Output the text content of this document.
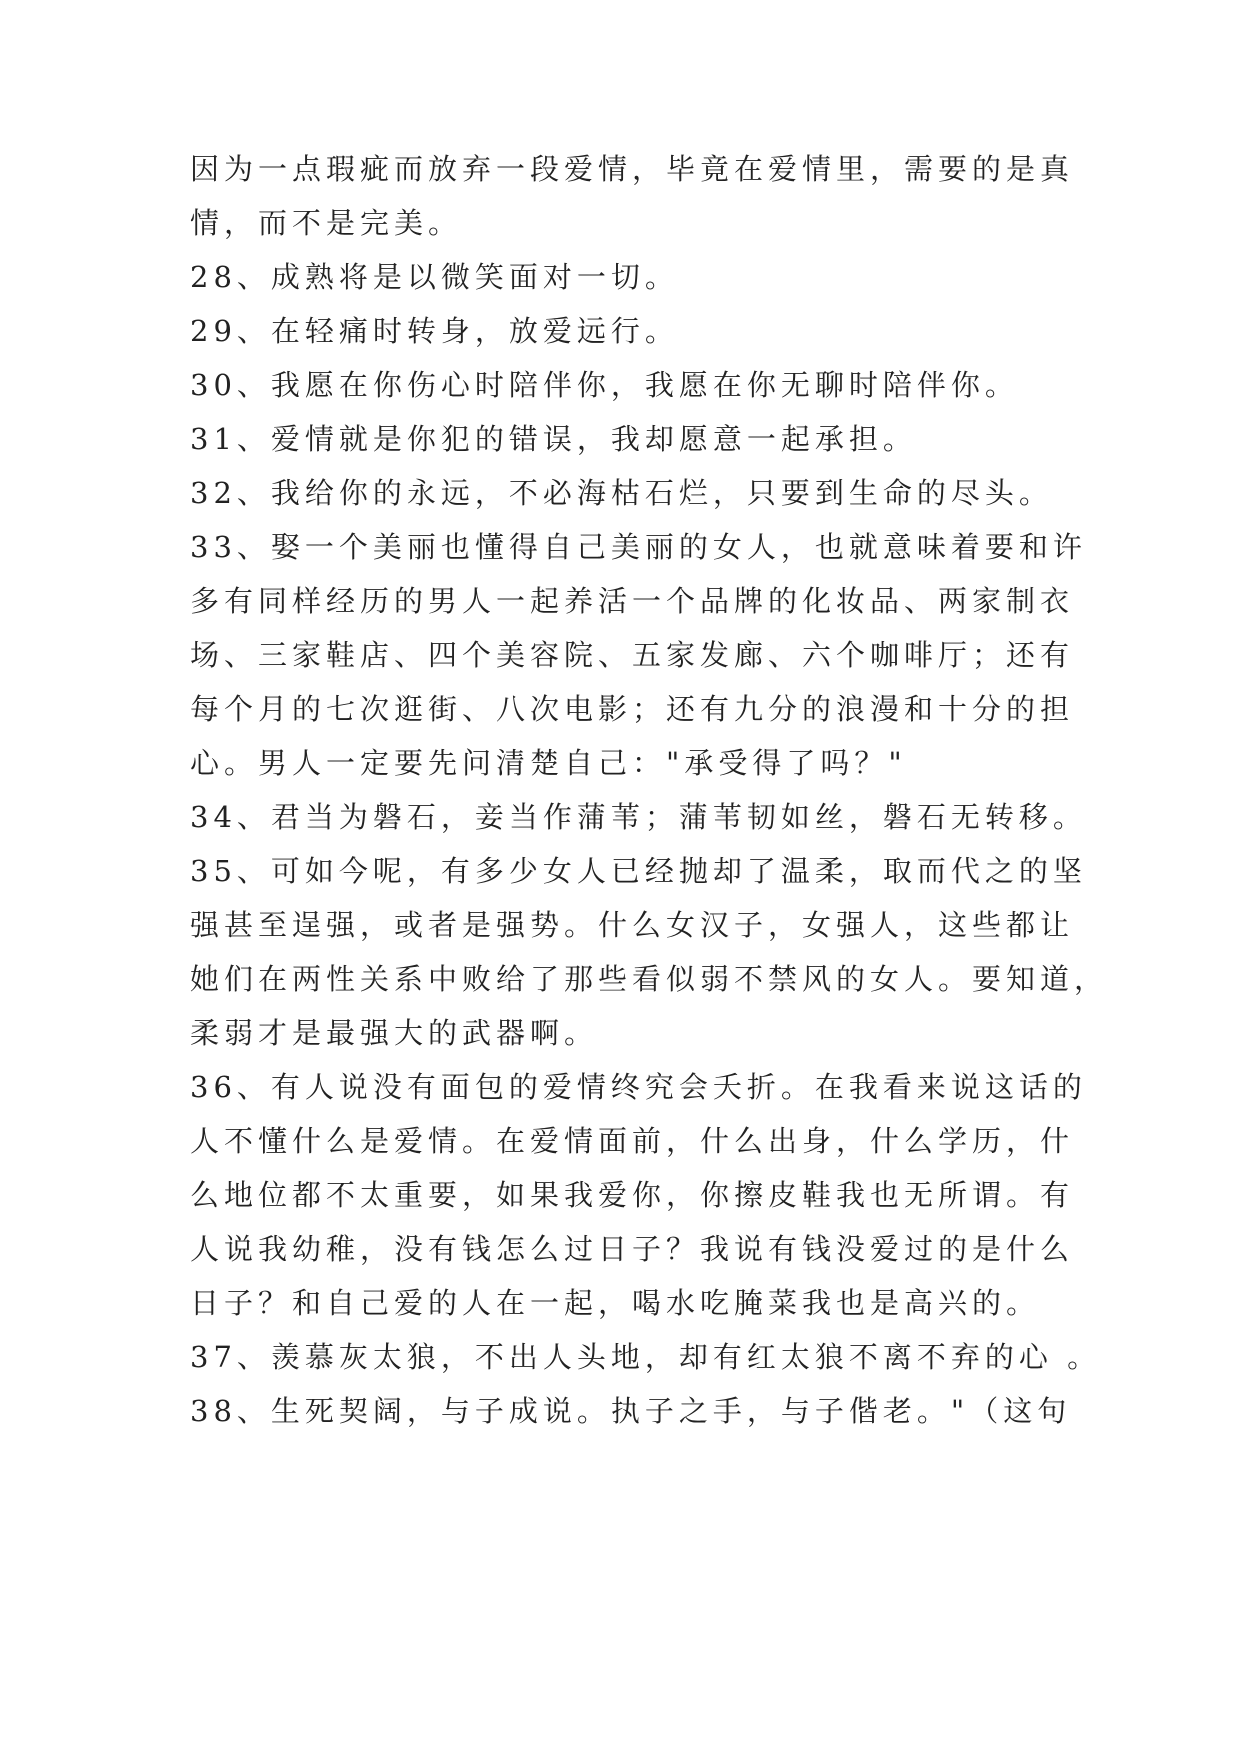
因为一点瑕疵而放弃一段爱情，毕竟在爱情里，需要的是真
情，而不是完美。
28、成熟将是以微笑面对一切。
29、在轻痛时转身，放爱远行。
30、我愿在你伤心时陪伴你，我愿在你无聊时陪伴你。
31、爱情就是你犯的错误，我却愿意一起承担。
32、我给你的永远，不必海枯石烂，只要到生命的尽头。
33、娶一个美丽也懂得自己美丽的女人，也就意味着要和许
多有同样经历的男人一起养活一个品牌的化妆品、两家制衣
场、三家鞋店、四个美容院、五家发廊、六个咖啡厅；还有
每个月的七次逛街、八次电影；还有九分的浪漫和十分的担
心。男人一定要先问清楚自己："承受得了吗？"
34、君当为磐石，妾当作蒲苇；蒲苇韧如丝，磐石无转移。
35、可如今呢，有多少女人已经抛却了温柔，取而代之的坚
强甚至逞强，或者是强势。什么女汉子，女强人，这些都让
她们在两性关系中败给了那些看似弱不禁风的女人。要知道，
柔弱才是最强大的武器啊。
36、有人说没有面包的爱情终究会夭折。在我看来说这话的
人不懂什么是爱情。在爱情面前，什么出身，什么学历，什
么地位都不太重要，如果我爱你，你擦皮鞋我也无所谓。有
人说我幼稚，没有钱怎么过日子？我说有钱没爱过的是什么
日子？和自己爱的人在一起，喝水吃腌菜我也是高兴的。
37、羡慕灰太狼，不出人头地，却有红太狼不离不弃的心 。
38、生死契阔，与子成说。执子之手，与子偕老。"（这句
